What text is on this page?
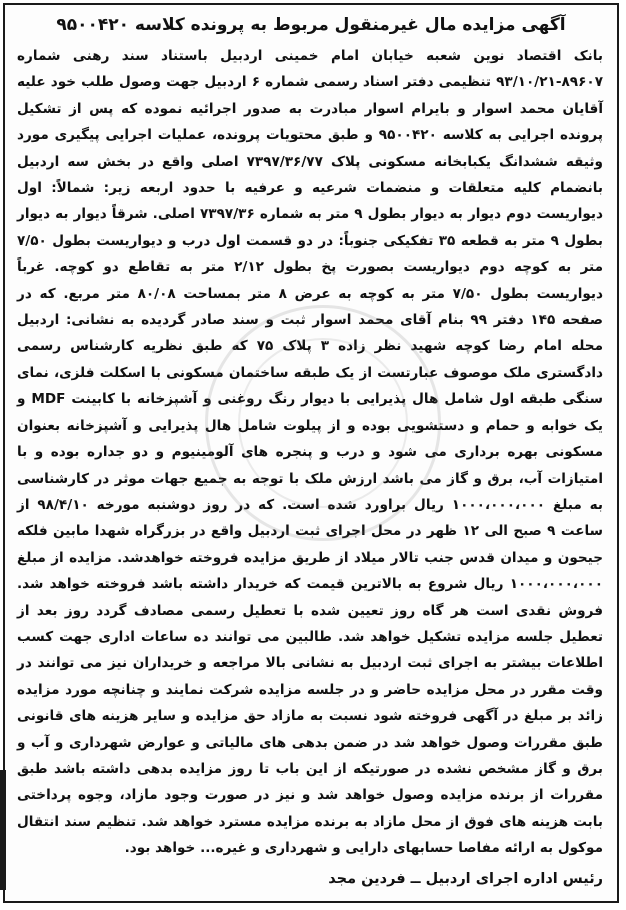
آگهی مزایده مال غیرمنقول مربوط به پرونده کلاسه ۹۵۰۰۴۲۰
بانک اقتصاد نوین شعبه خیابان امام خمینی اردبیل باستناد سند رهنی شماره ۸۹۶۰۷-۹۳/۱۰/۲۱ تنظیمی دفتر اسناد رسمی شماره ۶ اردبیل جهت وصول طلب خود علیه آقایان محمد اسوار و بایرام اسوار مبادرت به صدور اجرائیه نموده که پس از تشکیل پرونده اجرایی به کلاسه ۹۵۰۰۴۲۰ و طبق محتویات پرونده، عملیات اجرایی پیگیری مورد وثیقه ششدانگ یکبابخانه مسکونی پلاک ۷۳۹۷/۳۶/۷۷ اصلی واقع در بخش سه اردبیل بانضمام کلیه متعلقات و منضمات شرعیه و عرفیه با حدود اربعه زیر: شمالاً: اول دیواریست دوم دیوار به دیوار بطول ۹ متر به شماره ۷۳۹۷/۳۶ اصلی. شرقاً دیوار به دیوار بطول ۹ متر به قطعه ۳۵ تفکیکی جنوباً: در دو قسمت اول درب و دیواریست بطول ۷/۵۰ متر به کوچه دوم دیواریست بصورت پخ بطول ۲/۱۲ متر به تقاطع دو کوچه. غرباً دیواریست بطول ۷/۵۰ متر به کوچه به عرض ۸ متر بمساحت ۸۰/۰۸ متر مربع. که در صفحه ۱۴۵ دفتر ۹۹ بنام آقای محمد اسوار ثبت و سند صادر گردیده به نشانی: اردبیل محله امام رضا کوچه شهید نظر زاده ۳ پلاک ۷۵ که طبق نظریه کارشناس رسمی دادگستری ملک موصوف عبارتست از یک طبقه ساختمان مسکونی با اسکلت فلزی، نمای سنگی طبقه اول شامل هال پذیرایی با دیوار رنگ روغنی و آشپزخانه با کابینت MDF و یک خوابه و حمام و دستشویی بوده و از پیلوت شامل هال پذیرایی و آشپزخانه بعنوان مسکونی بهره برداری می شود و درب و پنجره های آلومینیوم و دو جداره بوده و با امتیازات آب، برق و گاز می باشد ارزش ملک با توجه به جمیع جهات موثر در کارشناسی به مبلغ ۱۰۰۰،۰۰۰،۰۰۰ ریال براورد شده است. که در روز دوشنبه مورخه ۹۸/۴/۱۰ از ساعت ۹ صبح الی ۱۲ ظهر در محل اجرای ثبت اردبیل واقع در بزرگراه شهدا مابین فلکه جیحون و میدان قدس جنب تالار میلاد از طریق مزایده فروخته خواهدشد. مزایده از مبلغ ۱۰۰۰،۰۰۰،۰۰۰ ریال شروع به بالاترین قیمت که خریدار داشته باشد فروخته خواهد شد. فروش نقدی است هر گاه روز تعیین شده با تعطیل رسمی مصادف گردد روز بعد از تعطیل جلسه مزایده تشکیل خواهد شد. طالبین می توانند ده ساعات اداری جهت کسب اطلاعات بیشتر به اجرای ثبت اردبیل به نشانی بالا مراجعه و خریداران نیز می توانند در وقت مقرر در محل مزایده حاضر و در جلسه مزایده شرکت نمایند و چنانچه مورد مزایده زائد بر مبلغ در آگهی فروخته شود نسبت به مازاد حق مزایده و سایر هزینه های قانونی طبق مقررات وصول خواهد شد در ضمن بدهی های مالیاتی و عوارض شهرداری و آب و برق و گاز مشخص نشده در صورتیکه از این باب تا روز مزایده بدهی داشته باشد طبق مقررات از برنده مزایده وصول خواهد شد و نیز در صورت وجود مازاد، وجوه پرداختی بابت هزینه های فوق از محل مازاد به برنده مزایده مسترد خواهد شد. تنظیم سند انتقال موکول به ارائه مفاصا حسابهای دارایی و شهرداری و غیره... خواهد بود.
رئیس اداره اجرای اردبیل ــ فردین مجد
